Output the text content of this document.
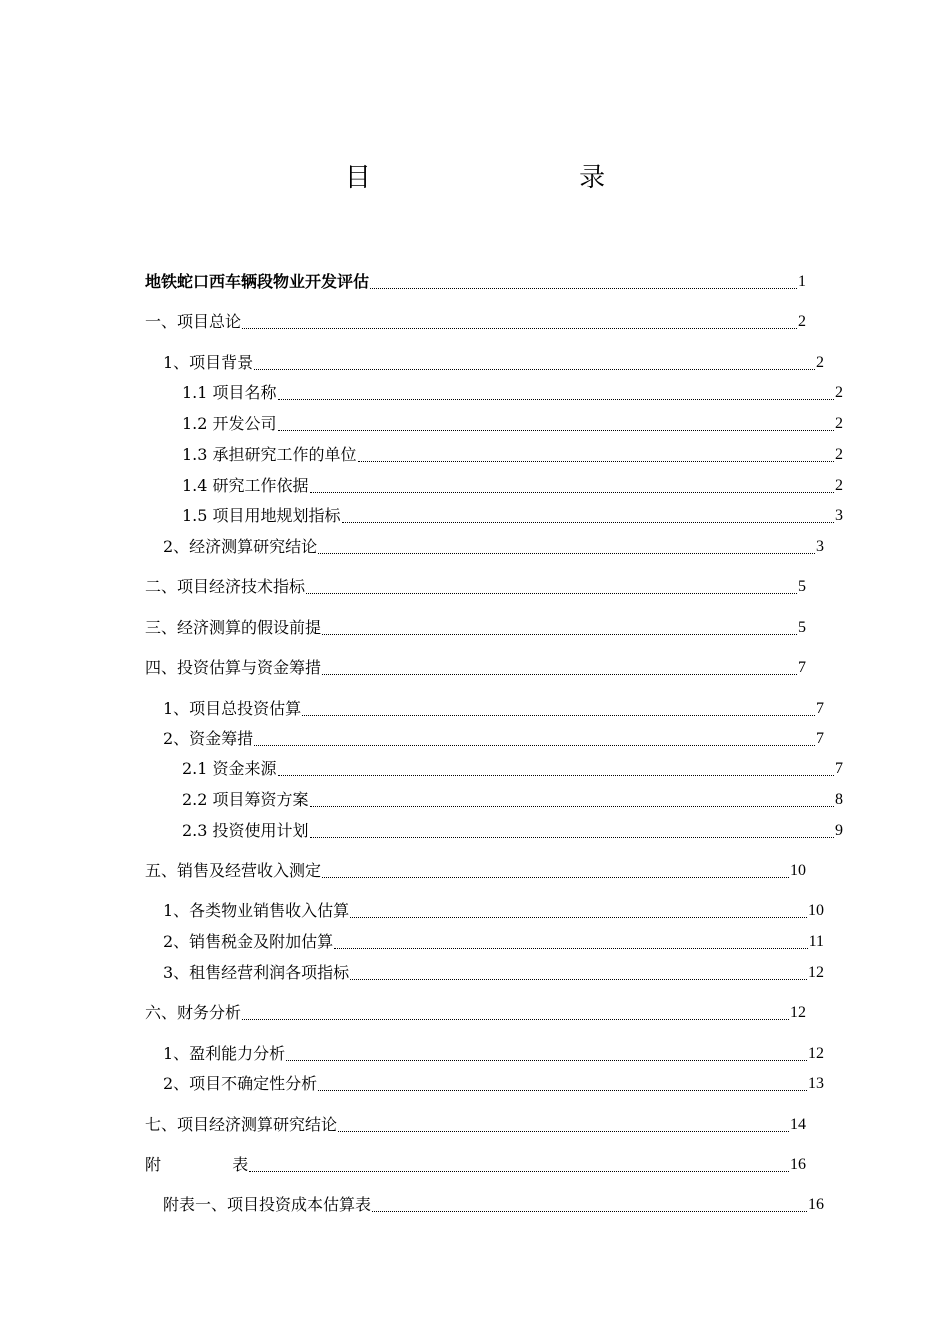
目 录
地铁蛇口西车辆段物业开发评估	1
一、项目总论	2
1、项目背景	2
1.1 项目名称	2
1.2 开发公司	2
1.3 承担研究工作的单位	2
1.4 研究工作依据	2
1.5 项目用地规划指标	3
2、经济测算研究结论	3
二、项目经济技术指标	5
三、经济测算的假设前提	5
四、投资估算与资金筹措	7
1、项目总投资估算	7
2、资金筹措	7
2.1 资金来源	7
2.2 项目筹资方案	8
2.3 投资使用计划	9
五、销售及经营收入测定	10
1、各类物业销售收入估算	10
2、销售税金及附加估算	11
3、租售经营利润各项指标	12
六、财务分析	12
1、盈利能力分析	12
2、项目不确定性分析	13
七、项目经济测算研究结论	14
附              表	16
附表一、项目投资成本估算表	16
